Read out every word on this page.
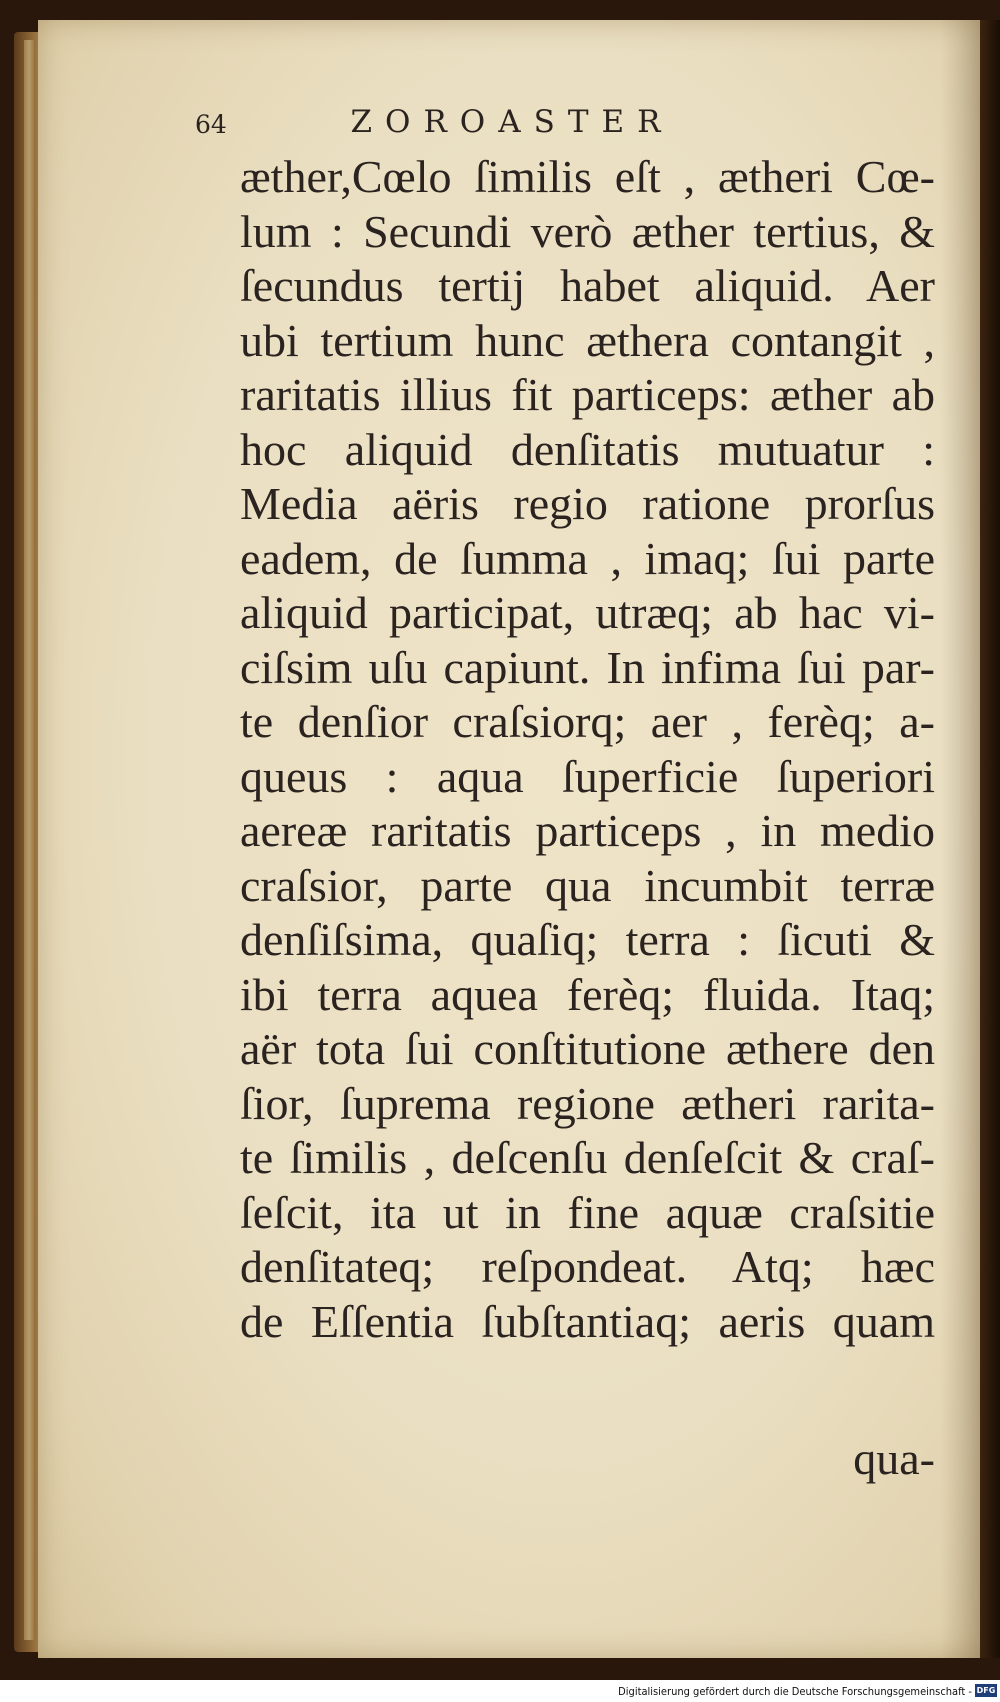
64	ZOROASTER
æther,Cœlo ſimilis eſt , ætheri Cœ-
lum : Secundi verò æther tertius, &
ſecundus tertij habet aliquid. Aer
ubi tertium hunc æthera contangit ,
raritatis illius fit particeps: æther ab
hoc aliquid denſitatis mutuatur :
Media aëris regio ratione prorſus
eadem, de ſumma , imaq; ſui parte
aliquid participat, utræq; ab hac vi-
ciſsim uſu capiunt. In infima ſui par-
te denſior craſsiorq; aer , ferèq; a-
queus : aqua ſuperficie ſuperiori
aereæ raritatis particeps , in medio
craſsior, parte qua incumbit terræ
denſiſsima, quaſiq; terra : ſicuti &
ibi terra aquea ferèq; fluida. Itaq;
aër tota ſui conſtitutione æthere den
ſior, ſuprema regione ætheri rarita-
te ſimilis , deſcenſu denſeſcit & craſ-
ſeſcit, ita ut in fine aquæ craſsitie
denſitateq; reſpondeat. Atq; hæc
de Eſſentia ſubſtantiaq; aeris quam
qua-
Digitalisierung gefördert durch die Deutsche Forschungsgemeinschaft - DFG
